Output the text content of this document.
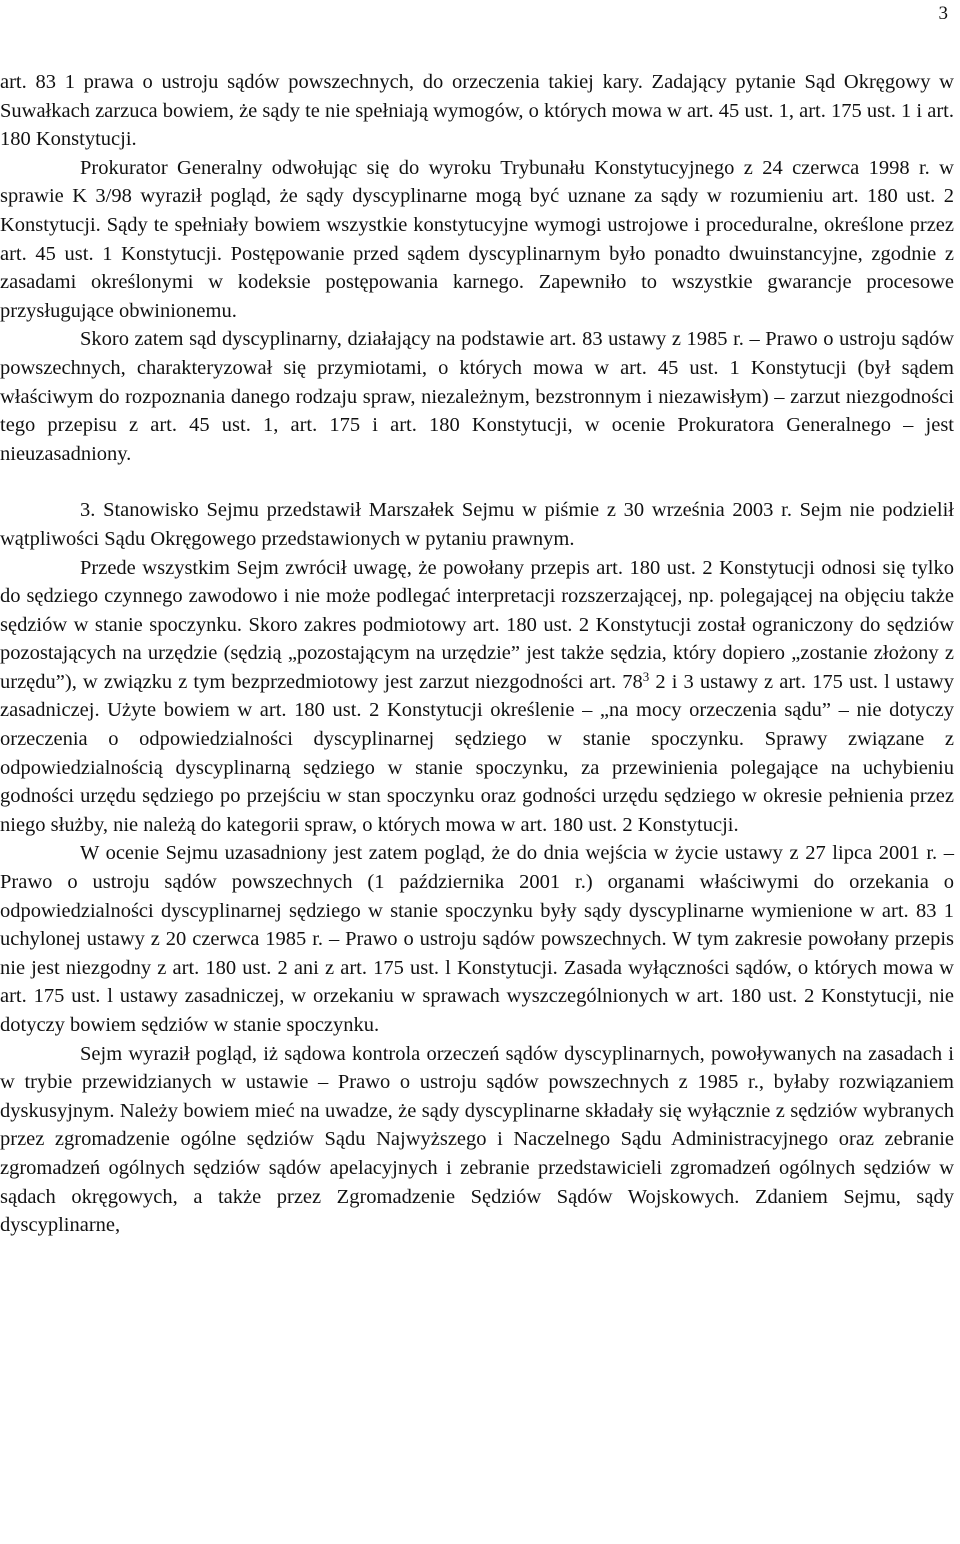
3

art. 83 1 prawa o ustroju sądów powszechnych, do orzeczenia takiej kary. Zadający pytanie Sąd Okręgowy w Suwałkach zarzuca bowiem, że sądy te nie spełniają wymogów, o których mowa w art. 45 ust. 1, art. 175 ust. 1 i art. 180 Konstytucji.

Prokurator Generalny odwołując się do wyroku Trybunału Konstytucyjnego z 24 czerwca 1998 r. w sprawie K 3/98 wyraził pogląd, że sądy dyscyplinarne mogą być uznane za sądy w rozumieniu art. 180 ust. 2 Konstytucji. Sądy te spełniały bowiem wszystkie konstytucyjne wymogi ustrojowe i proceduralne, określone przez art. 45 ust. 1 Konstytucji. Postępowanie przed sądem dyscyplinarnym było ponadto dwuinstancyjne, zgodnie z zasadami określonymi w kodeksie postępowania karnego. Zapewniło to wszystkie gwarancje procesowe przysługujące obwinionemu.

Skoro zatem sąd dyscyplinarny, działający na podstawie art. 83 ustawy z 1985 r. – Prawo o ustroju sądów powszechnych, charakteryzował się przymiotami, o których mowa w art. 45 ust. 1 Konstytucji (był sądem właściwym do rozpoznania danego rodzaju spraw, niezależnym, bezstronnym i niezawisłym) – zarzut niezgodności tego przepisu z art. 45 ust. 1, art. 175 i art. 180 Konstytucji, w ocenie Prokuratora Generalnego – jest nieuzasadniony.

3. Stanowisko Sejmu przedstawił Marszałek Sejmu w piśmie z 30 września 2003 r. Sejm nie podzielił wątpliwości Sądu Okręgowego przedstawionych w pytaniu prawnym.

Przede wszystkim Sejm zwrócił uwagę, że powołany przepis art. 180 ust. 2 Konstytucji odnosi się tylko do sędziego czynnego zawodowo i nie może podlegać interpretacji rozszerzającej, np. polegającej na objęciu także sędziów w stanie spoczynku. Skoro zakres podmiotowy art. 180 ust. 2 Konstytucji został ograniczony do sędziów pozostających na urzędzie (sędzią „pozostającym na urzędzie” jest także sędzia, który dopiero „zostanie złożony z urzędu”), w związku z tym bezprzedmiotowy jest zarzut niezgodności art. $78^3$ 2 i 3 ustawy z art. 175 ust. l ustawy zasadniczej. Użyte bowiem w art. 180 ust. 2 Konstytucji określenie – „na mocy orzeczenia sądu” – nie dotyczy orzeczenia o odpowiedzialności dyscyplinarnej sędziego w stanie spoczynku. Sprawy związane z odpowiedzialnością dyscyplinarną sędziego w stanie spoczynku, za przewinienia polegające na uchybieniu godności urzędu sędziego po przejściu w stan spoczynku oraz godności urzędu sędziego w okresie pełnienia przez niego służby, nie należą do kategorii spraw, o których mowa w art. 180 ust. 2 Konstytucji.

W ocenie Sejmu uzasadniony jest zatem pogląd, że do dnia wejścia w życie ustawy z 27 lipca 2001 r. – Prawo o ustroju sądów powszechnych (1 października 2001 r.) organami właściwymi do orzekania o odpowiedzialności dyscyplinarnej sędziego w stanie spoczynku były sądy dyscyplinarne wymienione w art. 83 1 uchylonej ustawy z 20 czerwca 1985 r. – Prawo o ustroju sądów powszechnych. W tym zakresie powołany przepis nie jest niezgodny z art. 180 ust. 2 ani z art. 175 ust. l Konstytucji. Zasada wyłączności sądów, o których mowa w art. 175 ust. l ustawy zasadniczej, w orzekaniu w sprawach wyszczególnionych w art. 180 ust. 2 Konstytucji, nie dotyczy bowiem sędziów w stanie spoczynku.

Sejm wyraził pogląd, iż sądowa kontrola orzeczeń sądów dyscyplinarnych, powoływanych na zasadach i w trybie przewidzianych w ustawie – Prawo o ustroju sądów powszechnych z 1985 r., byłaby rozwiązaniem dyskusyjnym. Należy bowiem mieć na uwadze, że sądy dyscyplinarne składały się wyłącznie z sędziów wybranych przez zgromadzenie ogólne sędziów Sądu Najwyższego i Naczelnego Sądu Administracyjnego oraz zebranie zgromadzeń ogólnych sędziów sądów apelacyjnych i zebranie przedstawicieli zgromadzeń ogólnych sędziów w sądach okręgowych, a także przez Zgromadzenie Sędziów Sądów Wojskowych. Zdaniem Sejmu, sądy dyscyplinarne,
